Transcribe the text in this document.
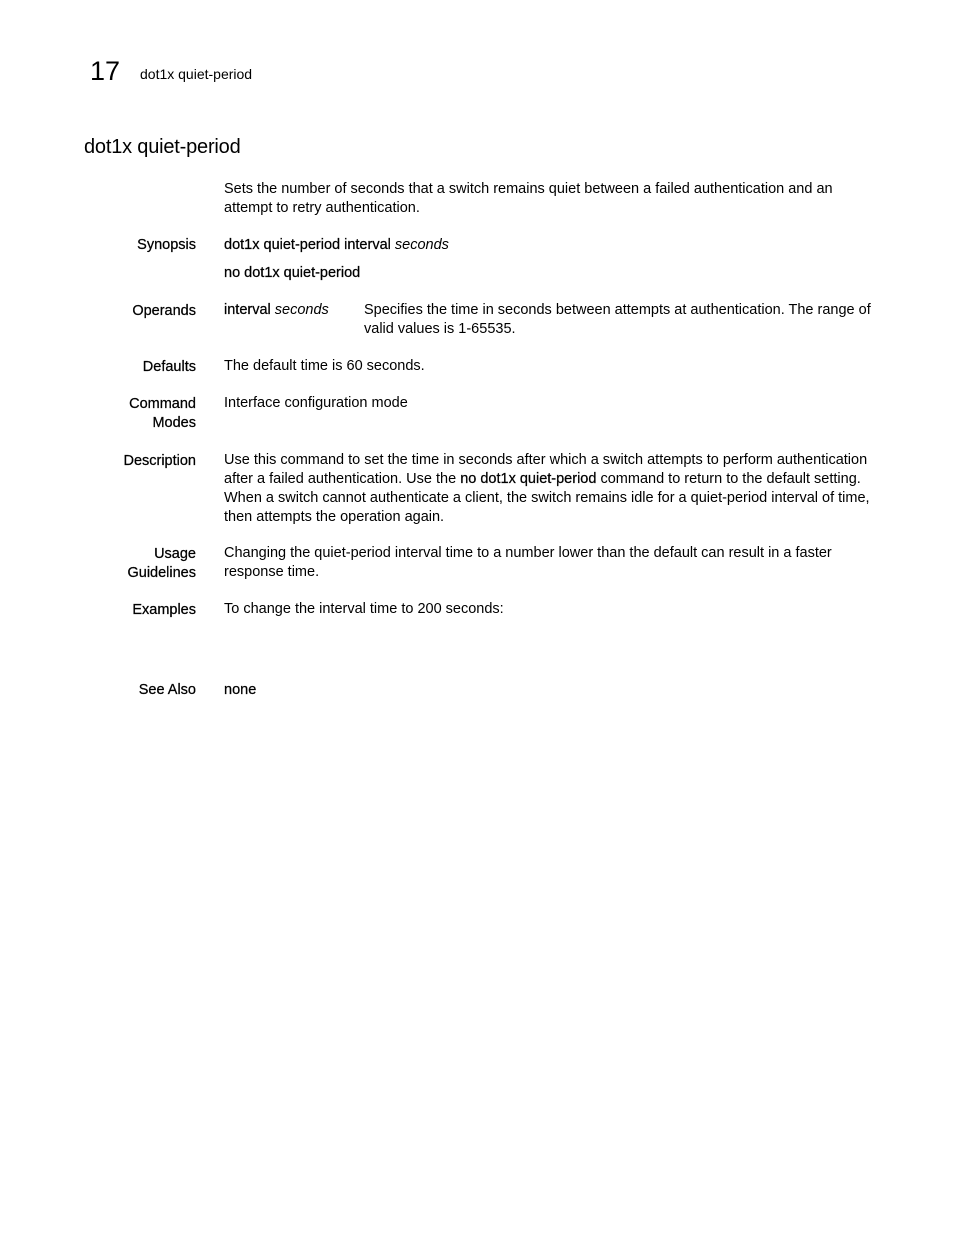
17 dot1x quiet-period
dot1x quiet-period

Sets the number of seconds that a switch remains quiet between a failed authentication and an attempt to retry authentication.

Synopsis dot1x quiet-period interval seconds

no dot1x quiet-period

Operands interval seconds Specifies the time in seconds between attempts at authentication. The range of valid values is 1-65535.

Defaults The default time is 60 seconds.

Command
Modes

Interface configuration mode

Description Use this command to set the time in seconds after which a switch attempts to perform authentication after a failed authentication. Use the no dot1x quiet-period command to return to the default setting. When a switch cannot authenticate a client, the switch remains idle for a quiet-period interval of time, then attempts the operation again.

Usage
Guidelines

Changing the quiet-period interval time to a number lower than the default can result in a faster response time.

Examples To change the interval time to 200 seconds:

See Also none
